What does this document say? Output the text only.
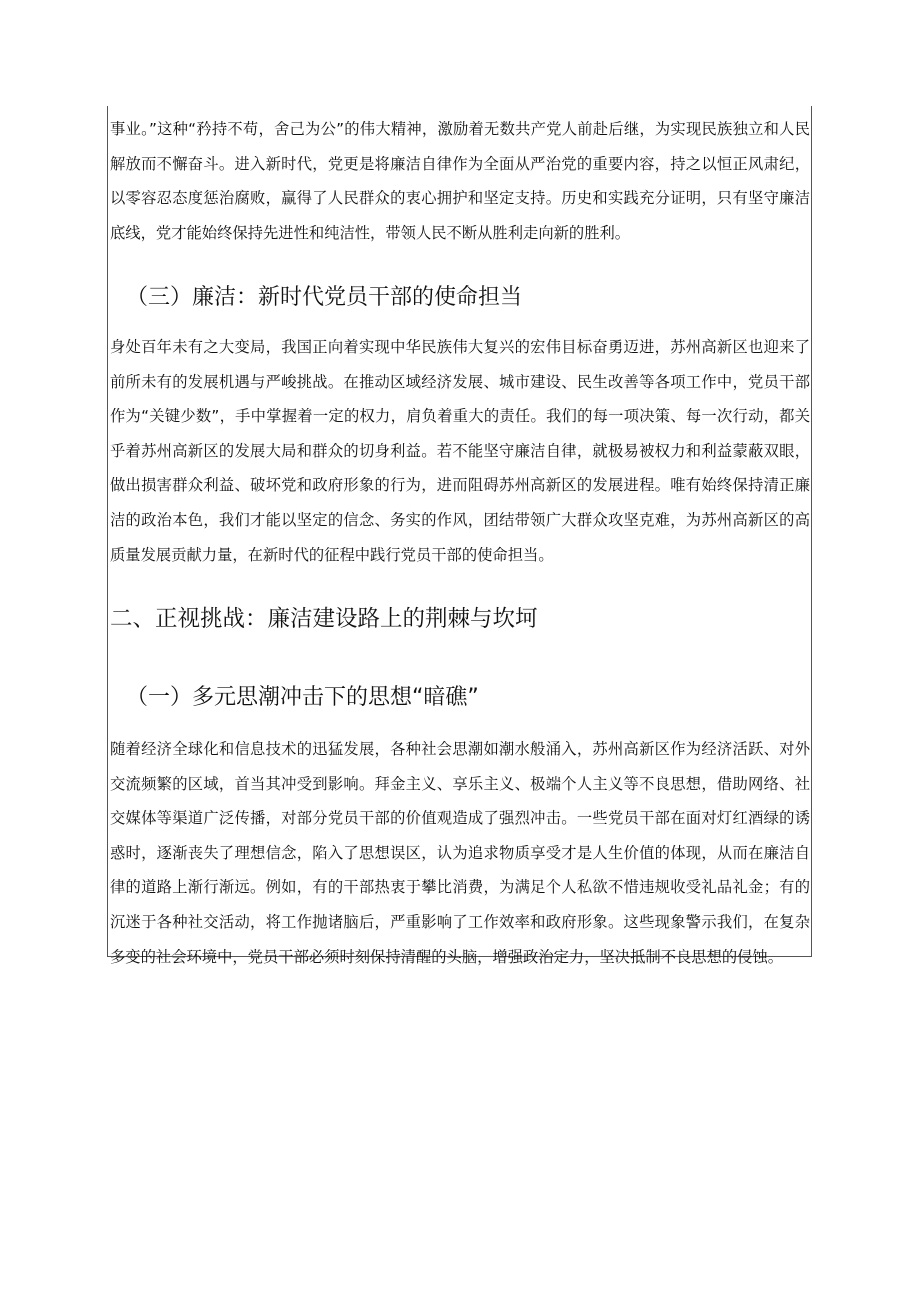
事业。”这种“矜持不苟，舍己为公”的伟大精神，激励着无数共产党人前赴后继，为实现民族独立和人民解放而不懈奋斗。进入新时代，党更是将廉洁自律作为全面从严治党的重要内容，持之以恒正风肃纪，以零容忍态度惩治腐败，赢得了人民群众的衷心拥护和坚定支持。历史和实践充分证明，只有坚守廉洁底线，党才能始终保持先进性和纯洁性，带领人民不断从胜利走向新的胜利。

（三）廉洁：新时代党员干部的使命担当

身处百年未有之大变局，我国正向着实现中华民族伟大复兴的宏伟目标奋勇迈进，苏州高新区也迎来了前所未有的发展机遇与严峻挑战。在推动区域经济发展、城市建设、民生改善等各项工作中，党员干部作为“关键少数”，手中掌握着一定的权力，肩负着重大的责任。我们的每一项决策、每一次行动，都关乎着苏州高新区的发展大局和群众的切身利益。若不能坚守廉洁自律，就极易被权力和利益蒙蔽双眼，做出损害群众利益、破坏党和政府形象的行为，进而阻碍苏州高新区的发展进程。唯有始终保持清正廉洁的政治本色，我们才能以坚定的信念、务实的作风，团结带领广大群众攻坚克难，为苏州高新区的高质量发展贡献力量，在新时代的征程中践行党员干部的使命担当。

二、正视挑战：廉洁建设路上的荆棘与坎坷
（一）多元思潮冲击下的思想“暗礁”

随着经济全球化和信息技术的迅猛发展，各种社会思潮如潮水般涌入，苏州高新区作为经济活跃、对外交流频繁的区域，首当其冲受到影响。拜金主义、享乐主义、极端个人主义等不良思想，借助网络、社交媒体等渠道广泛传播，对部分党员干部的价值观造成了强烈冲击。一些党员干部在面对灯红酒绿的诱惑时，逐渐丧失了理想信念，陷入了思想误区，认为追求物质享受才是人生价值的体现，从而在廉洁自律的道路上渐行渐远。例如，有的干部热衷于攀比消费，为满足个人私欲不惜违规收受礼品礼金；有的沉迷于各种社交活动，将工作抛诸脑后，严重影响了工作效率和政府形象。这些现象警示我们，在复杂多变的社会环境中，党员干部必须时刻保持清醒的头脑，增强政治定力，坚决抵制不良思想的侵蚀。
